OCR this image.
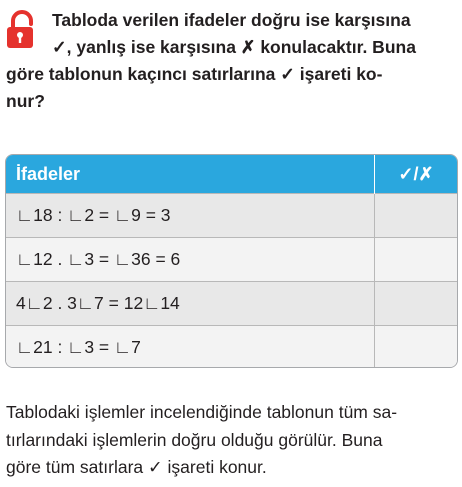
Tabloda verilen ifadeler doğru ise karşısına
✓, yanlış ise karşısına ✗ konulacaktır. Buna
göre tablonun kaçıncı satırlarına ✓ işareti ko-
nur?
İfadeler	✓/✗
∟18 : ∟2 = ∟9 = 3	
∟12 . ∟3 = ∟36 = 6	
4∟2 . 3∟7 = 12∟14	
∟21 : ∟3 = ∟7	
Tablodaki işlemler incelendiğinde tablonun tüm sa-
tırlarındaki işlemlerin doğru olduğu görülür. Buna
göre tüm satırlara ✓ işareti konur.
